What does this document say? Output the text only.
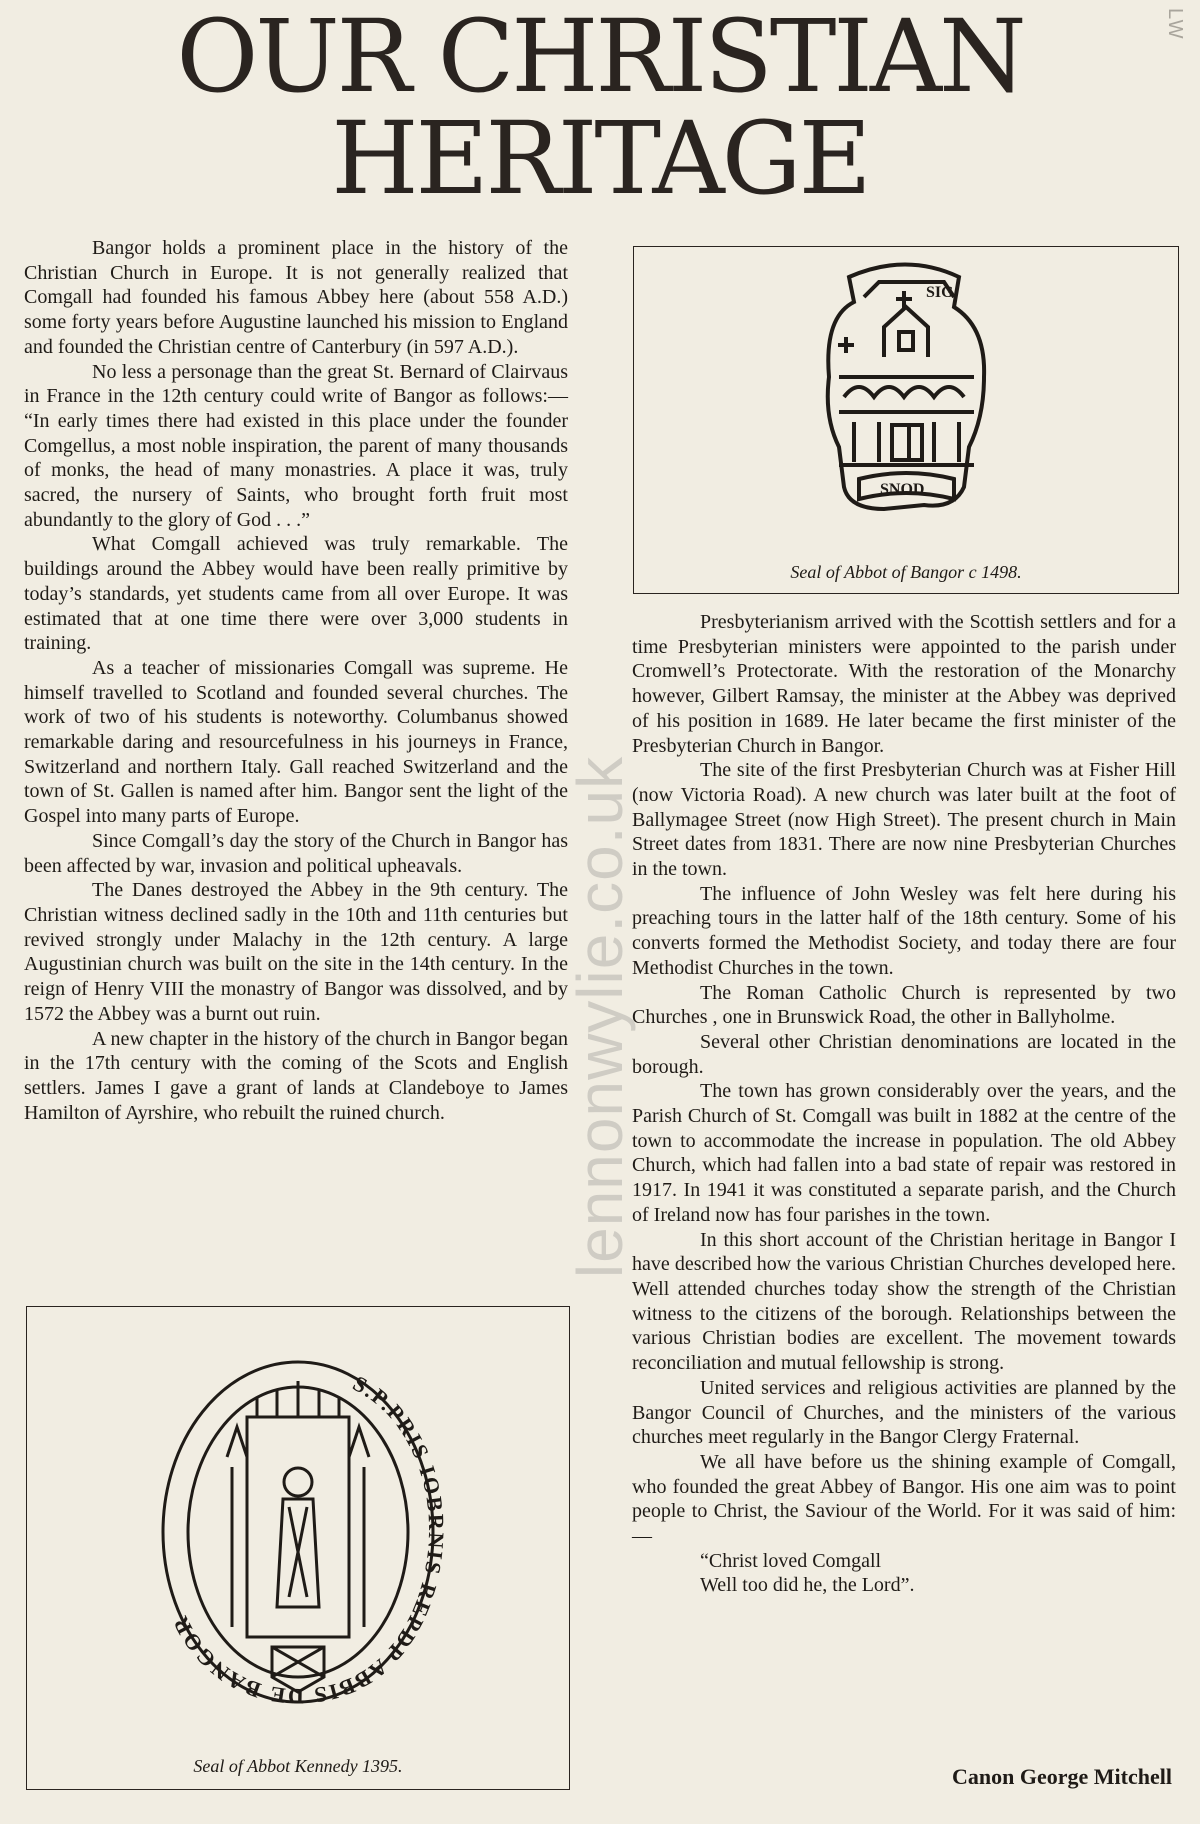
OUR CHRISTIAN
HERITAGE
LW

Bangor holds a prominent place in the history of the Christian Church in Europe. It is not generally realized that Comgall had founded his famous Abbey here (about 558 A.D.) some forty years before Augustine launched his mission to England and founded the Christian centre of Canterbury (in 597 A.D.).

No less a personage than the great St. Bernard of Clairvaus in France in the 12th century could write of Bangor as follows:— “In early times there had existed in this place under the founder Comgellus, a most noble inspiration, the parent of many thousands of monks, the head of many monastries. A place it was, truly sacred, the nursery of Saints, who brought forth fruit most abundantly to the glory of God . . .”

What Comgall achieved was truly remarkable. The buildings around the Abbey would have been really primitive by today’s standards, yet students came from all over Europe. It was estimated that at one time there were over 3,000 students in training.

As a teacher of missionaries Comgall was supreme. He himself travelled to Scotland and founded several churches. The work of two of his students is noteworthy. Columbanus showed remarkable daring and resourcefulness in his journeys in France, Switzerland and northern Italy. Gall reached Switzerland and the town of St. Gallen is named after him. Bangor sent the light of the Gospel into many parts of Europe.

Since Comgall’s day the story of the Church in Bangor has been affected by war, invasion and political upheavals.

The Danes destroyed the Abbey in the 9th century. The Christian witness declined sadly in the 10th and 11th centuries but revived strongly under Malachy in the 12th century. A large Augustinian church was built on the site in the 14th century. In the reign of Henry VIII the monastry of Bangor was dissolved, and by 1572 the Abbey was a burnt out ruin.

A new chapter in the history of the church in Bangor began in the 17th century with the coming of the Scots and English settlers. James I gave a grant of lands at Clandeboye to James Hamilton of Ayrshire, who rebuilt the ruined church.

SIG
SNOD
Seal of Abbot of Bangor c 1498.

Presbyterianism arrived with the Scottish settlers and for a time Presbyterian ministers were appointed to the parish under Cromwell’s Protectorate. With the restoration of the Monarchy however, Gilbert Ramsay, the minister at the Abbey was deprived of his position in 1689. He later became the first minister of the Presbyterian Church in Bangor.

The site of the first Presbyterian Church was at Fisher Hill (now Victoria Road). A new church was later built at the foot of Ballymagee Street (now High Street). The present church in Main Street dates from 1831. There are now nine Presbyterian Churches in the town.

The influence of John Wesley was felt here during his preaching tours in the latter half of the 18th century. Some of his converts formed the Methodist Society, and today there are four Methodist Churches in the town.

The Roman Catholic Church is represented by two Churches , one in Brunswick Road, the other in Ballyholme.

Several other Christian denominations are located in the borough.

The town has grown considerably over the years, and the Parish Church of St. Comgall was built in 1882 at the centre of the town to accommodate the increase in population. The old Abbey Church, which had fallen into a bad state of repair was restored in 1917. In 1941 it was constituted a separate parish, and the Church of Ireland now has four parishes in the town.

In this short account of the Christian heritage in Bangor I have described how the various Christian Churches developed here. Well attended churches today show the strength of the Christian witness to the citizens of the borough. Relationships between the various Christian bodies are excellent. The movement towards reconciliation and mutual fellowship is strong.

United services and religious activities are planned by the Bangor Council of Churches, and the ministers of the various churches meet regularly in the Bangor Clergy Fraternal.

We all have before us the shining example of Comgall, who founded the great Abbey of Bangor. His one aim was to point people to Christ, the Saviour of the World. For it was said of him:—

“Christ loved Comgall

Well too did he, the Lord”.

S.P.PRIS IOBRNIS REPDP ABBIS DE BANGOR
Seal of Abbot Kennedy 1395.
lennonwylie.co.uk
Canon George Mitchell
